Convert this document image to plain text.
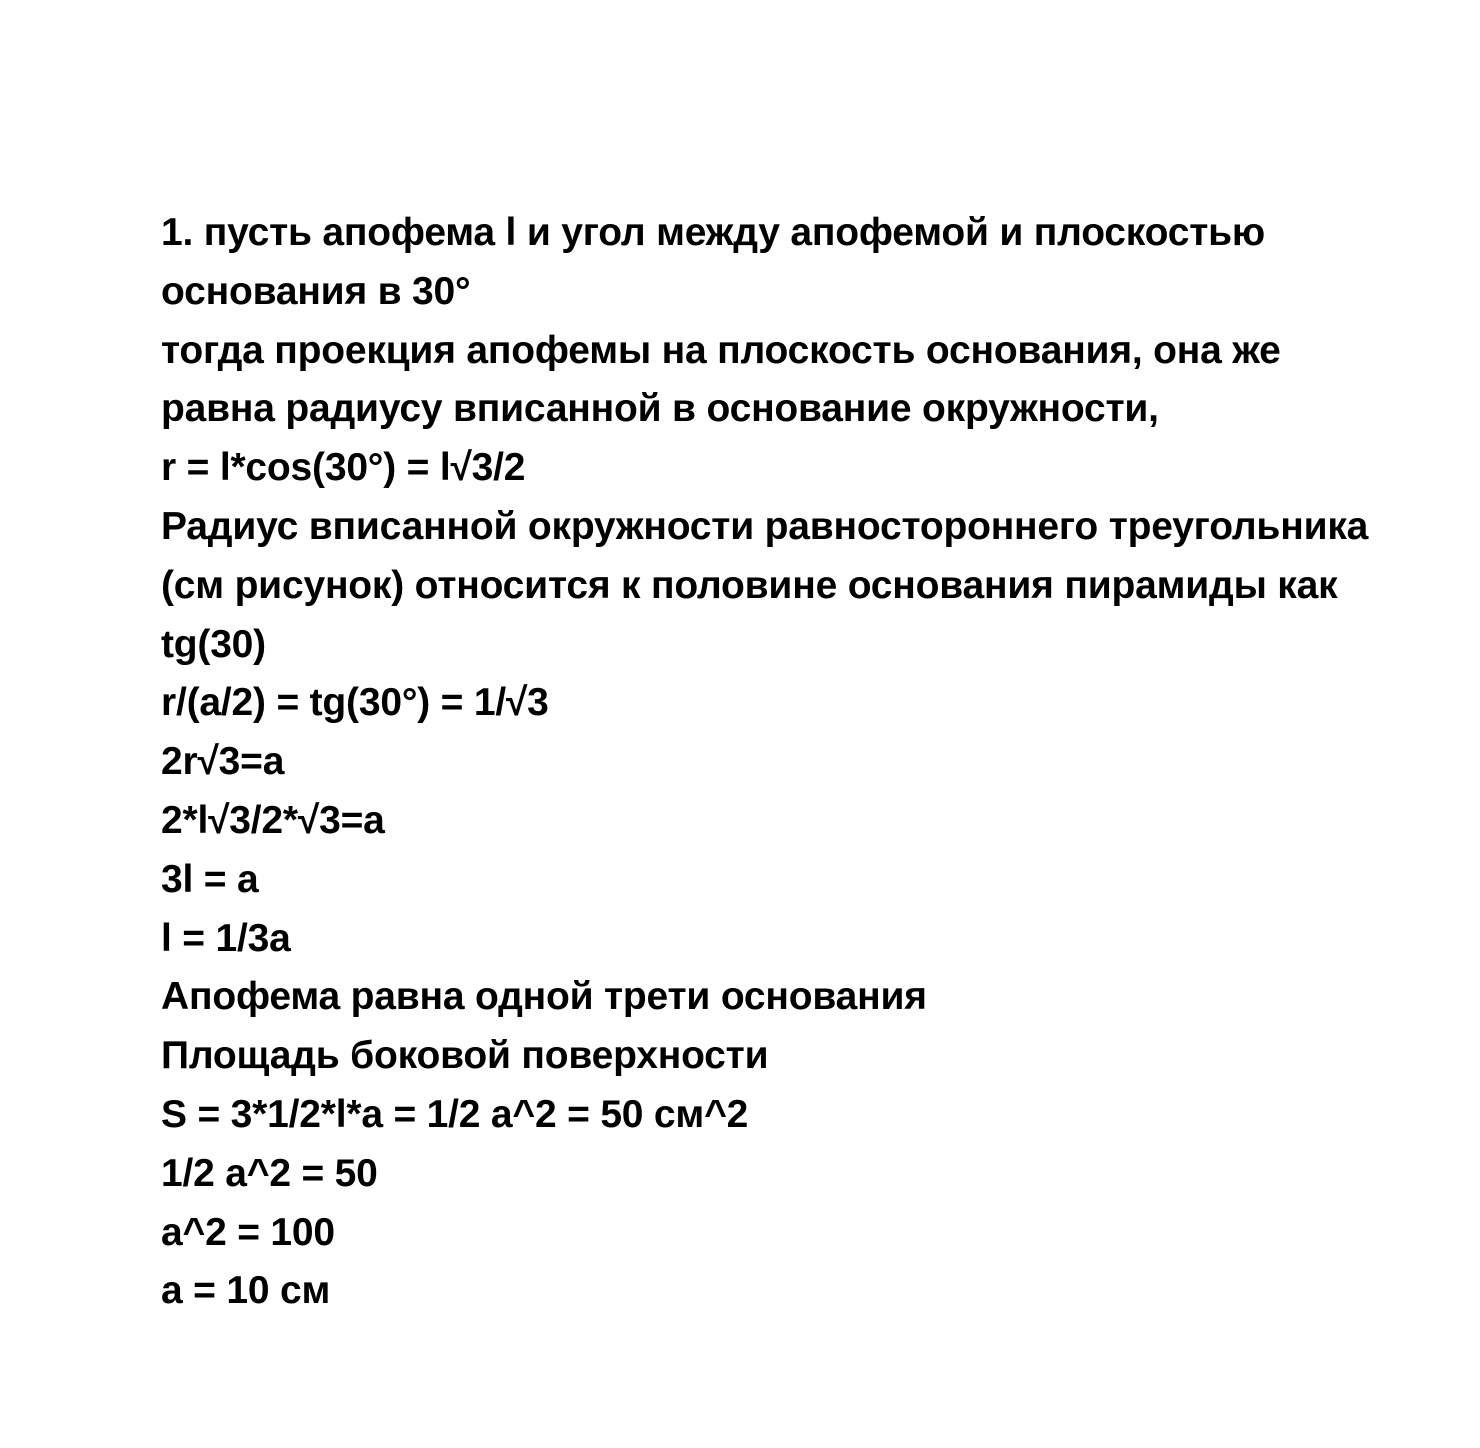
1. пусть апофема l и угол между апофемой и плоскостью
основания в 30°
тогда проекция апофемы на плоскость основания, она же
равна радиусу вписанной в основание окружности,
r = l*cos(30°) = l√3/2
Радиус вписанной окружности равностороннего треугольника
(см рисунок) относится к половине основания пирамиды как
tg(30)
r/(a/2) = tg(30°) = 1/√3
2r√3=a
2*l√3/2*√3=a
3l = a
l = 1/3a
Апофема равна одной трети основания
Площадь боковой поверхности
S = 3*1/2*l*a = 1/2 a^2 = 50 см^2
1/2 a^2 = 50
a^2 = 100
a = 10 см
